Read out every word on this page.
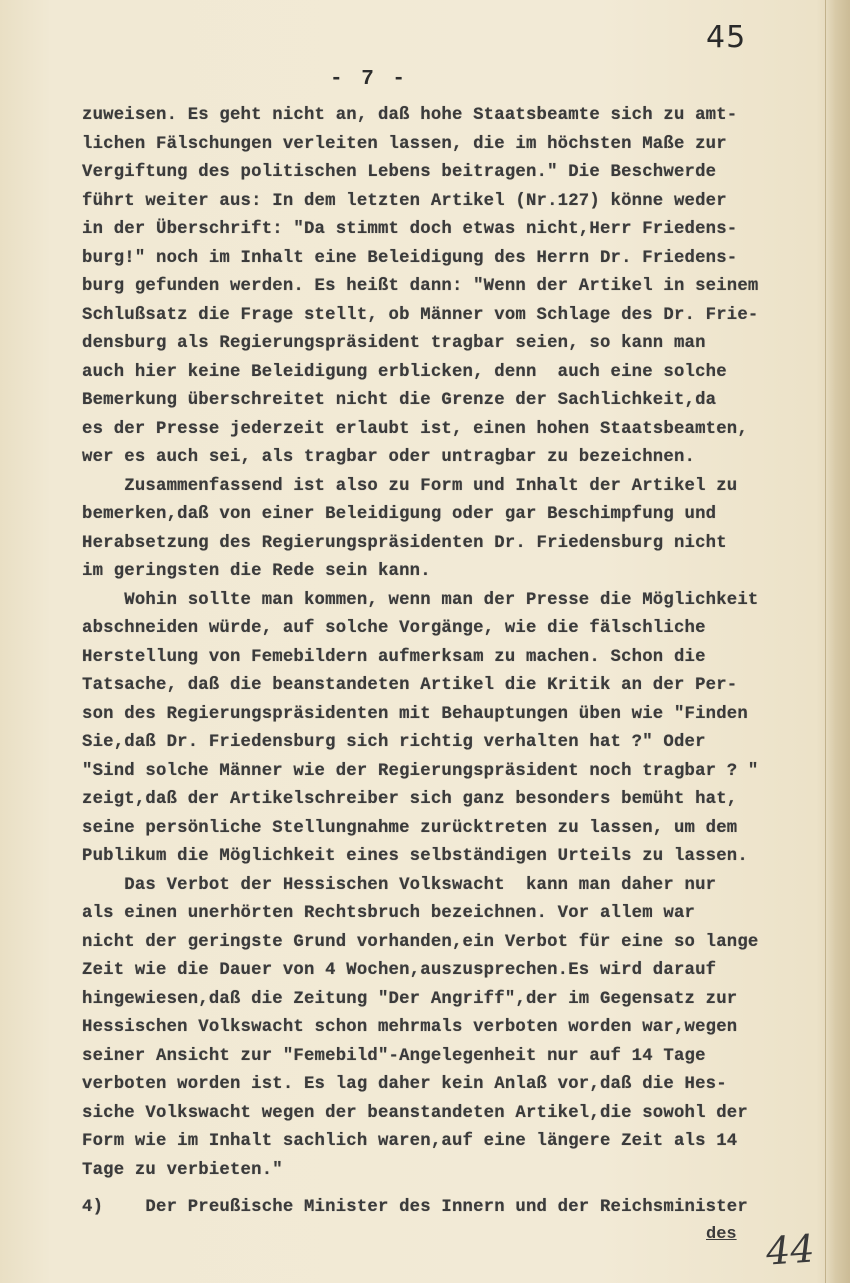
45
- 7 -
zuweisen. Es geht nicht an, daß hohe Staatsbeamte sich zu amt-
lichen Fälschungen verleiten lassen, die im höchsten Maße zur
Vergiftung des politischen Lebens beitragen." Die Beschwerde
führt weiter aus: In dem letzten Artikel (Nr.127) könne weder
in der Überschrift: "Da stimmt doch etwas nicht,Herr Friedens-
burg!" noch im Inhalt eine Beleidigung des Herrn Dr. Friedens-
burg gefunden werden. Es heißt dann: "Wenn der Artikel in seinem
Schlußsatz die Frage stellt, ob Männer vom Schlage des Dr. Frie-
densburg als Regierungspräsident tragbar seien, so kann man
auch hier keine Beleidigung erblicken, denn  auch eine solche
Bemerkung überschreitet nicht die Grenze der Sachlichkeit,da
es der Presse jederzeit erlaubt ist, einen hohen Staatsbeamten,
wer es auch sei, als tragbar oder untragbar zu bezeichnen.
Zusammenfassend ist also zu Form und Inhalt der Artikel zu
bemerken,daß von einer Beleidigung oder gar Beschimpfung und
Herabsetzung des Regierungspräsidenten Dr. Friedensburg nicht
im geringsten die Rede sein kann.
Wohin sollte man kommen, wenn man der Presse die Möglichkeit
abschneiden würde, auf solche Vorgänge, wie die fälschliche
Herstellung von Femebildern aufmerksam zu machen. Schon die
Tatsache, daß die beanstandeten Artikel die Kritik an der Per-
son des Regierungspräsidenten mit Behauptungen üben wie "Finden
Sie,daß Dr. Friedensburg sich richtig verhalten hat ?" Oder
"Sind solche Männer wie der Regierungspräsident noch tragbar ? "
zeigt,daß der Artikelschreiber sich ganz besonders bemüht hat,
seine persönliche Stellungnahme zurücktreten zu lassen, um dem
Publikum die Möglichkeit eines selbständigen Urteils zu lassen.
Das Verbot der Hessischen Volkswacht  kann man daher nur
als einen unerhörten Rechtsbruch bezeichnen. Vor allem war
nicht der geringste Grund vorhanden,ein Verbot für eine so lange
Zeit wie die Dauer von 4 Wochen,auszusprechen.Es wird darauf
hingewiesen,daß die Zeitung "Der Angriff",der im Gegensatz zur
Hessischen Volkswacht schon mehrmals verboten worden war,wegen
seiner Ansicht zur "Femebild"-Angelegenheit nur auf 14 Tage
verboten worden ist. Es lag daher kein Anlaß vor,daß die Hes-
siche Volkswacht wegen der beanstandeten Artikel,die sowohl der
Form wie im Inhalt sachlich waren,auf eine längere Zeit als 14
Tage zu verbieten."
4)    Der Preußische Minister des Innern und der Reichsminister
des 44
